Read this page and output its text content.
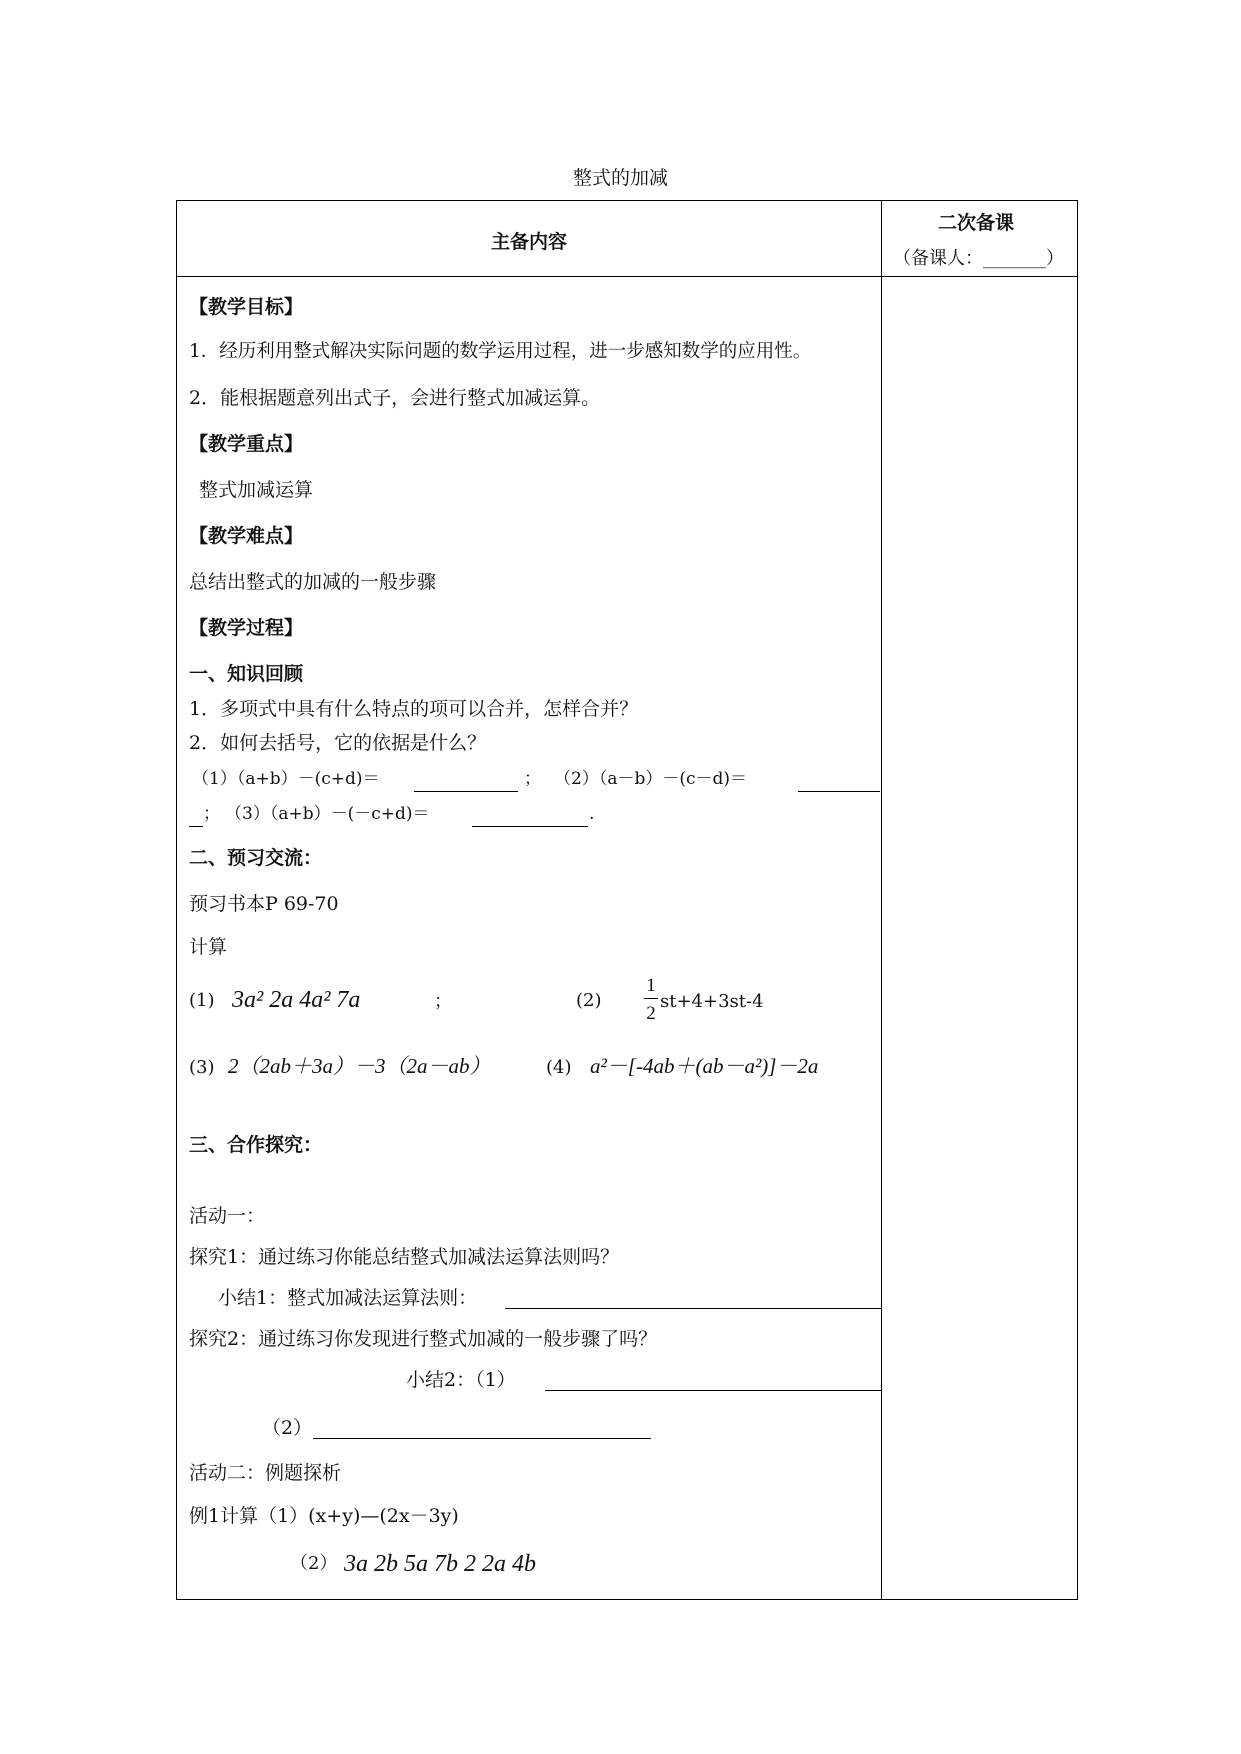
整式的加减
主备内容
二次备课
（备课人：_______）
【教学目标】
1．经历利用整式解决实际问题的数学运用过程，进一步感知数学的应用性。
2．能根据题意列出式子，会进行整式加减运算。
【教学重点】
整式加减运算
【教学难点】
总结出整式的加减的一般步骤
【教学过程】
一、知识回顾
1．多项式中具有什么特点的项可以合并，怎样合并？
2．如何去括号，它的依据是什么？
（1）（a+b）－(c+d)＝	； （2）（a－b）－(c－d)＝
； （3）（a+b）－(－c+d)＝	.
二、预习交流：
预习书本P 69-70
计算
(1) 3a² 2a 4a² 7a	；	(2)
1
2
st+4+3st-4
(3) 2（2ab＋3a）－3（2a－ab）	(4) a²－[-4ab＋(ab－a²)]－2a
三、合作探究：
活动一：
探究1：通过练习你能总结整式加减法运算法则吗？
小结1：整式加减法运算法则：
探究2：通过练习你发现进行整式加减的一般步骤了吗？
小结2：（1）
（2）
活动二：例题探析
例1计算（1）(x+y)—(2x－3y)
（2） 3a 2b 5a 7b 2 2a 4b
